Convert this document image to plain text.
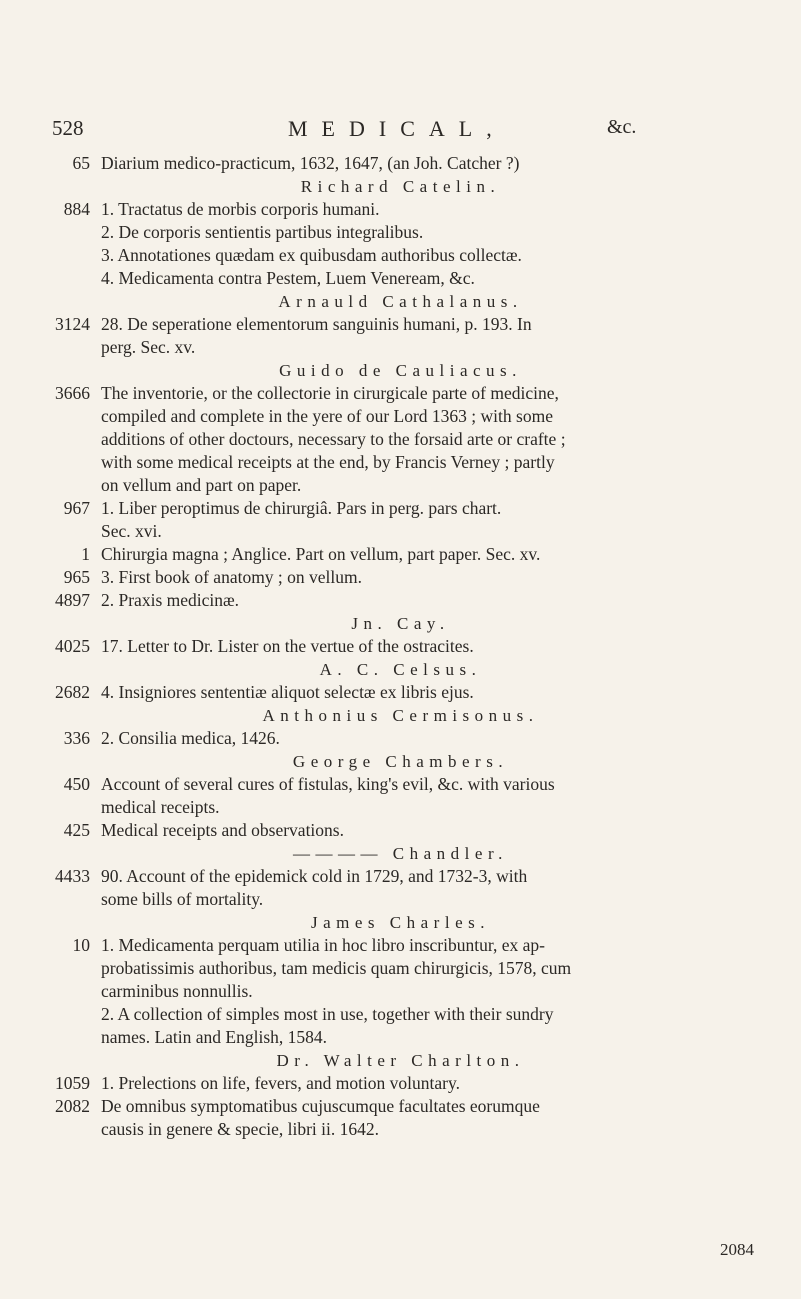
528	MEDICAL,	&c.
65 Diarium medico-practicum, 1632, 1647, (an Joh. Catcher ?)
Richard Catelin.
884 1. Tractatus de morbis corporis humani.
2. De corporis sentientis partibus integralibus.
3. Annotationes quædam ex quibusdam authoribus collectæ.
4. Medicamenta contra Pestem, Luem Veneream, &c.
Arnauld Cathalanus.
3124 28. De seperatione elementorum sanguinis humani, p. 193. In
perg. Sec. xv.
Guido de Cauliacus.
3666 The inventorie, or the collectorie in cirurgicale parte of medicine,
compiled and complete in the yere of our Lord 1363 ; with some
additions of other doctours, necessary to the forsaid arte or crafte ;
with some medical receipts at the end, by Francis Verney ; partly
on vellum and part on paper.
967 1. Liber peroptimus de chirurgiâ. Pars in perg. pars chart.
Sec. xvi.
1 Chirurgia magna ; Anglice. Part on vellum, part paper. Sec. xv.
965 3. First book of anatomy ; on vellum.
4897 2. Praxis medicinæ.
Jn. Cay.
4025 17. Letter to Dr. Lister on the vertue of the ostracites.
A. C. Celsus.
2682 4. Insigniores sententiæ aliquot selectæ ex libris ejus.
Anthonius Cermisonus.
336 2. Consilia medica, 1426.
George Chambers.
450 Account of several cures of fistulas, king's evil, &c. with various
medical receipts.
425 Medical receipts and observations.
———— Chandler.
4433 90. Account of the epidemick cold in 1729, and 1732-3, with
some bills of mortality.
James Charles.
10 1. Medicamenta perquam utilia in hoc libro inscribuntur, ex ap-
probatissimis authoribus, tam medicis quam chirurgicis, 1578, cum
carminibus nonnullis.
2. A collection of simples most in use, together with their sundry
names. Latin and English, 1584.
Dr. Walter Charlton.
1059 1. Prelections on life, fevers, and motion voluntary.
2082 De omnibus symptomatibus cujuscumque facultates eorumque
causis in genere & specie, libri ii. 1642.
2084
